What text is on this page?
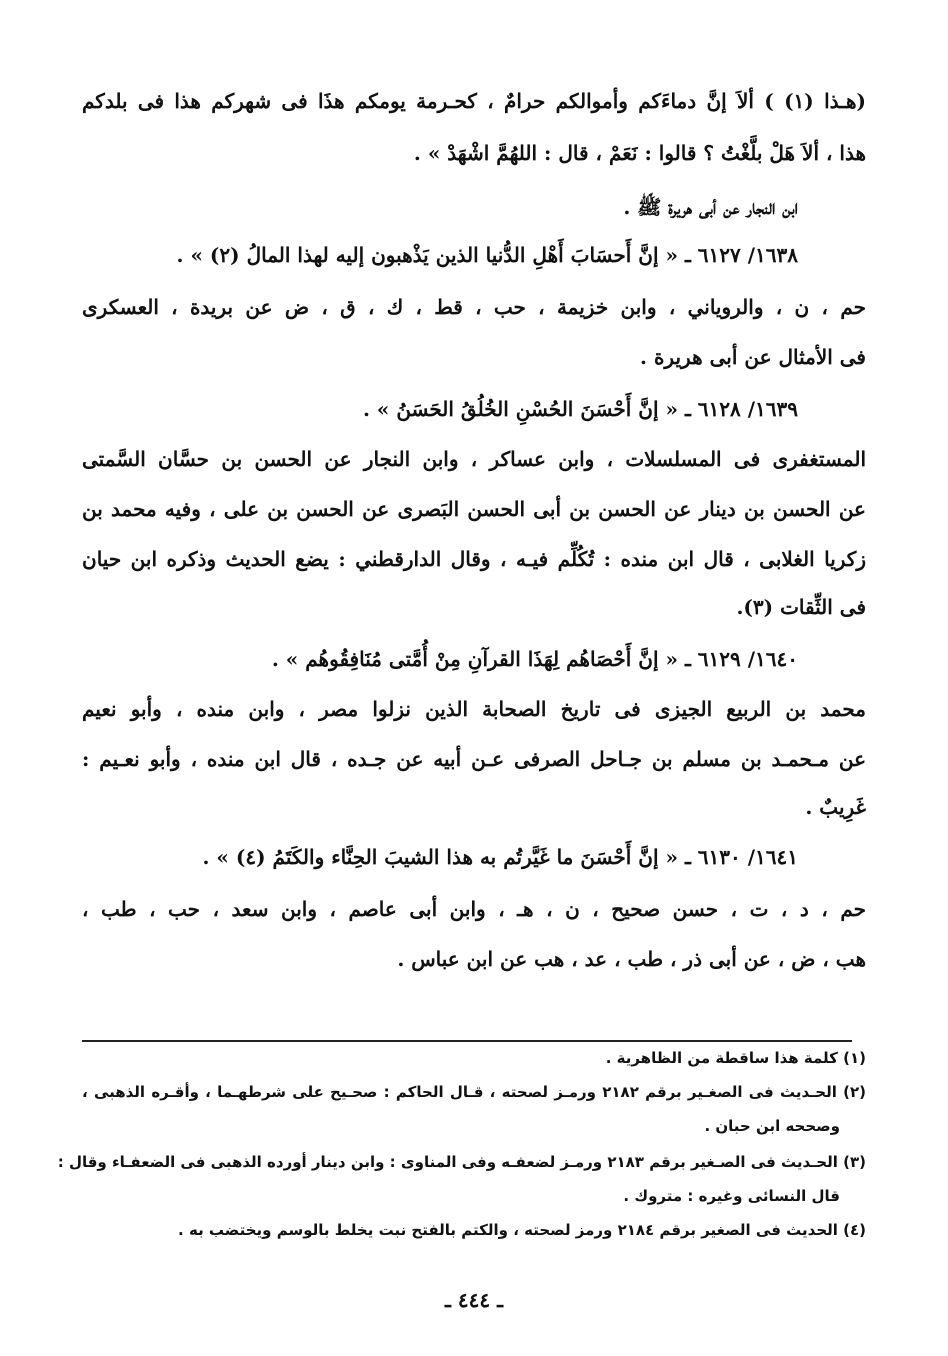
(هـذا (١) ) ألاَ إنَّ دماءَكم وأموالكم حرامٌ ، كحـرمة يومكم هذَا فى شهركم هذا فى بلدكم
هذا ، ألاَ هَلْ بلَّغْتُ ؟ قالوا : نَعَمْ ، قال : اللهُمَّ اشْهَدْ » .
ابن النجار عن أبى هريرة ﷺ .
١٦٣٨/ ٦١٢٧ ـ « إنَّ أَحسَابَ أَهْلِ الدُّنيا الذين يَذْهبون إليه لهذا المالُ (٢) » .
حم ، ن ، والروياني ، وابن خزيمة ، حب ، قط ، ك ، ق ، ض عن بريدة ، العسكرى
فى الأمثال عن أبى هريرة .
١٦٣٩/ ٦١٢٨ ـ « إنَّ أَحْسَنَ الحُسْنِ الخُلُقُ الحَسَنُ » .
المستغفرى فى المسلسلات ، وابن عساكر ، وابن النجار عن الحسن بن حسَّان السَّمتى
عن الحسن بن دينار عن الحسن بن أبى الحسن البَصرى عن الحسن بن على ، وفيه محمد بن
زكريا الغلابى ، قال ابن منده : تُكُلِّم فيـه ، وقال الدارقطني : يضع الحديث وذكره ابن حيان
فى الثِّقات (٣).
١٦٤٠/ ٦١٢٩ ـ « إنَّ أَحْصَاهُم لِهَذَا القرآنِ مِنْ أُمَّتى مُنَافِقُوهُم » .
محمد بن الربيع الجيزى فى تاريخ الصحابة الذين نزلوا مصر ، وابن منده ، وأبو نعيم
عن مـحمـد بن مسلم بن جـاحل الصرفى عـن أبيه عن جـده ، قال ابن منده ، وأبو نعـيم :
غَرِيبٌ .
١٦٤١/ ٦١٣٠ ـ « إنَّ أَحْسَنَ ما غَيَّرتُم به هذا الشيبَ الحِنَّاء والكَتَمُ (٤) » .
حم ، د ، ت ، حسن صحيح ، ن ، هـ ، وابن أبى عاصم ، وابن سعد ، حب ، طب ،
هب ، ض ، عن أبى ذر ، طب ، عد ، هب عن ابن عباس .
(١) كلمة هذا ساقطة من الظاهرية .
(٢) الحـديث فى الصغـير برقم ٢١٨٢ ورمـز لصحته ، قـال الحاكم : صحـيح على شرطهـما ، وأقـره الذهبى ،
وصححه ابن حبان .
(٣) الحـديث فى الصـغير برقم ٢١٨٣ ورمـز لضعفـه وفى المناوى : وابن دينار أورده الذهبى فى الضعفـاء وقال :
قال النسائى وغيره : متروك .
(٤) الحديث فى الصغير برقم ٢١٨٤ ورمز لصحته ، والكتم بالفتح نبت يخلط بالوسم ويختضب به .
ـ ٤٤٤ ـ
